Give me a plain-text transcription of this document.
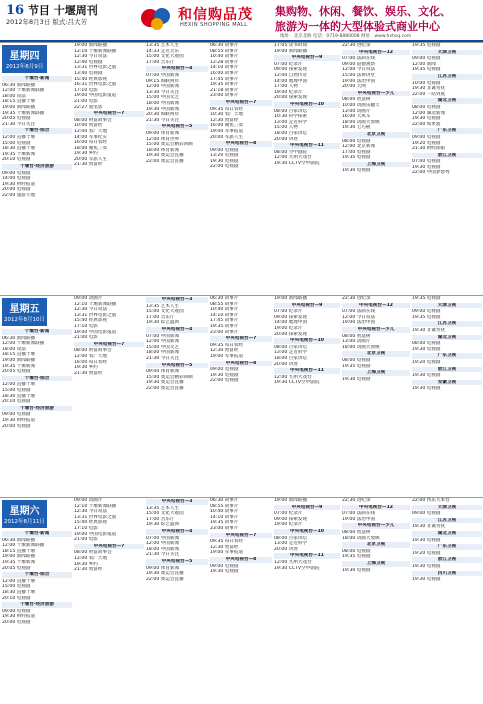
16 节目 十堰周刊
2012年8月3日 版式:吕大芳	和信购品茂
HEXIN SHOPPING MALL
集购物、休闲、餐饮、娱乐、文化、
旅游为一体的大型体验式商业中心
地址：北京北路 电话：0719-8880008 网址：www.hxhsq.com
星期四
2012年8月9日
十堰台·新闻
06:30 新闻联播
12:00 十堰新闻联播
18:00 说法
18:15 直播十堰
19:00 新闻联播
19:35 十堰新闻联播
20:05 电视剧
21:30 今日关注
十堰台·综合
12:00 直播十堰
15:00 电视剧
18:30 直播十堰
19:35 十堰新闻
20:10 电视剧
十堰台·经济旅游
09:00 电视剧
14:00 电视剧
19:30 财经报道
20:00 电视剧
22:00 旅游天地
19:00 新闻联播
12:10 十堰新闻联播
12:30 今日说法
12:40 电视剧
13:31 世界电影之旅
13:40 电视剧
15:40 经典影视
16:31 世界电影之旅
17:10 电影
19:00 中国电影报道
21:00 电影
22:27 爱电影
中央电视台—7
08:00 财富故事会
10:00 致富经
12:00 农广天地
14:00 军事纪实
16:00 每日农经
18:00 聚焦三农
19:30 乡约
20:00 军旅人生
21:30 致富经
13:35 艺术人生
14:33 走近音乐
15:00 文化大观园
17:00 音乐厅
中央电视台—4
07:00 中国新闻
09:15 海峡两岸
12:00 中国新闻
13:30 今日关注
15:00 中国文艺
18:00 中国新闻
19:30 中国新闻
20:30 海峡两岸
21:30 今日关注
中央电视台—5
09:00 体育新闻
12:00 体育世界
15:00 奥运会精彩回顾
18:00 体育新闻
19:30 奥运会直播
22:00 奥运会直播
06:30 故事片
08:55 故事片
10:40 故事片
12:28 故事片
14:10 故事片
16:00 故事片
17:45 故事片
19:35 故事片
21:18 故事片
23:00 故事片
中央电视台—7
09:35 每日农经
10:30 农广天地
12:30 致富经
16:00 聚焦三农
19:00 军事报道
20:00 军旅人生
中央电视台—8
09:00 电视剧
13:20 电视剧
19:30 电视剧
22:00 电视剧
17:05 读书时间
19:00 新闻联播
中央电视台—9
07:00 纪录片
09:00 探索发现
12:00 自然传奇
14:00 地理中国
17:00 人物
19:00 纪录片
20:00 探索发现
中央电视台—10
08:00 百家讲坛
10:30 科学探索
13:00 走近科学
15:00 人物
18:00 百家讲坛
20:00 讲述
中央电视台—11
08:00 空中剧院
12:00 九州大戏台
19:30 CCTV空中剧院
22:30 进纪录
中央电视台—12
07:00 法制在线
09:00 道德观察
12:00 今日说法
15:00 法律讲堂
19:00 法治中国
20:00 天网
中央电视台—少儿
08:00 智慧树
10:00 动画乐翻天
13:00 动画片
16:00 大风车
18:00 动画大放映
19:30 七巧板
北京卫视
08:00 电视剧
12:00 北京新闻
17:00 电视剧
19:35 电视剧
上海卫视
19:30 电视剧
19:35 电视剧
天津卫视
09:00 电视剧
12:00 新闻
19:35 电视剧
江苏卫视
10:00 电视剧
19:30 非诚勿扰
22:00 一站到底
湖北卫视
08:00 电视剧
12:00 湖北新闻
19:30 电视剧
22:00 如果爱
广东卫视
09:00 电视剧
19:20 电视剧
21:30 财经郎眼
浙江卫视
07:00 电视剧
19:30 电视剧
22:00 中国梦想秀
星期五
2012年8月10日
十堰台·新闻
06:30 新闻联播
12:00 十堰新闻联播
18:00 说法
18:15 直播十堰
19:00 新闻联播
19:35 十堰新闻
20:05 电视剧
十堰台·综合
12:00 直播十堰
15:00 电视剧
18:30 直播十堰
20:10 电视剧
十堰台·经济旅游
09:00 电视剧
19:30 财经报道
20:00 电视剧
09:00 动画片
12:10 十堰新闻联播
12:30 今日说法
13:31 世界电影之旅
15:40 经典影视
17:10 电影
19:00 中国电影报道
21:00 电影
中央电视台—7
08:00 财富故事会
12:00 农广天地
16:00 每日农经
19:30 乡约
21:30 致富经
中央电视台—3
13:35 艺术人生
15:00 文化大观园
17:00 音乐厅
19:30 综艺盛典
中央电视台—4
07:00 中国新闻
12:00 中国新闻
15:00 中国文艺
18:00 中国新闻
21:30 今日关注
中央电视台—5
09:00 体育新闻
15:00 奥运会精彩回顾
19:30 奥运会直播
22:00 奥运会直播
06:30 故事片
08:55 故事片
10:40 故事片
14:10 故事片
17:45 故事片
19:35 故事片
23:00 故事片
中央电视台—7
09:35 每日农经
12:30 致富经
19:00 军事报道
中央电视台—8
09:00 电视剧
19:30 电视剧
22:00 电视剧
19:00 新闻联播
中央电视台—9
07:00 纪录片
09:00 探索发现
14:00 地理中国
19:00 纪录片
20:00 探索发现
中央电视台—10
08:00 百家讲坛
13:00 走近科学
18:00 百家讲坛
20:00 讲述
中央电视台—11
12:00 九州大戏台
19:30 CCTV空中剧院
22:30 进纪录
中央电视台—12
07:00 法制在线
12:00 今日说法
19:00 法治中国
中央电视台—少儿
08:00 智慧树
13:00 动画片
18:00 动画大放映
北京卫视
08:00 电视剧
19:35 电视剧
上海卫视
19:30 电视剧
19:35 电视剧
天津卫视
09:00 电视剧
19:35 电视剧
江苏卫视
19:30 非诚勿扰
湖北卫视
08:00 电视剧
19:30 电视剧
广东卫视
19:20 电视剧
浙江卫视
19:30 电视剧
安徽卫视
19:30 电视剧
星期六
2012年8月11日
十堰台·新闻
06:30 新闻联播
12:00 十堰新闻联播
18:15 直播十堰
19:00 新闻联播
19:35 十堰新闻
20:05 电视剧
十堰台·综合
12:00 直播十堰
15:00 电视剧
18:30 直播十堰
20:10 电视剧
十堰台·经济旅游
09:00 电视剧
19:30 财经报道
20:00 电视剧
09:00 动画片
12:10 十堰新闻联播
12:30 今日说法
13:31 世界电影之旅
15:40 经典影视
17:10 电影
19:00 中国电影报道
21:00 电影
中央电视台—7
08:00 财富故事会
12:00 农广天地
19:30 乡约
21:30 致富经
中央电视台—3
13:35 艺术人生
15:00 文化大观园
17:00 音乐厅
19:30 综艺盛典
中央电视台—4
07:00 中国新闻
12:00 中国新闻
18:00 中国新闻
21:30 今日关注
中央电视台—5
09:00 体育新闻
19:30 奥运会直播
22:00 奥运会直播
06:30 故事片
08:55 故事片
10:40 故事片
14:10 故事片
19:35 故事片
23:00 故事片
中央电视台—7
09:35 每日农经
12:30 致富经
19:00 军事报道
中央电视台—8
09:00 电视剧
19:30 电视剧
19:00 新闻联播
中央电视台—9
07:00 纪录片
09:00 探索发现
19:00 纪录片
中央电视台—10
08:00 百家讲坛
13:00 走近科学
20:00 讲述
中央电视台—11
12:00 九州大戏台
19:30 CCTV空中剧院
22:30 进纪录
中央电视台—12
07:00 法制在线
19:00 法治中国
中央电视台—少儿
08:00 智慧树
18:00 动画大放映
北京卫视
08:00 电视剧
19:35 电视剧
上海卫视
19:30 电视剧
22:00 快乐大本营
天津卫视
09:00 电视剧
江苏卫视
19:30 非诚勿扰
湖北卫视
19:30 电视剧
广东卫视
19:20 电视剧
浙江卫视
19:30 电视剧
四川卫视
19:30 电视剧
